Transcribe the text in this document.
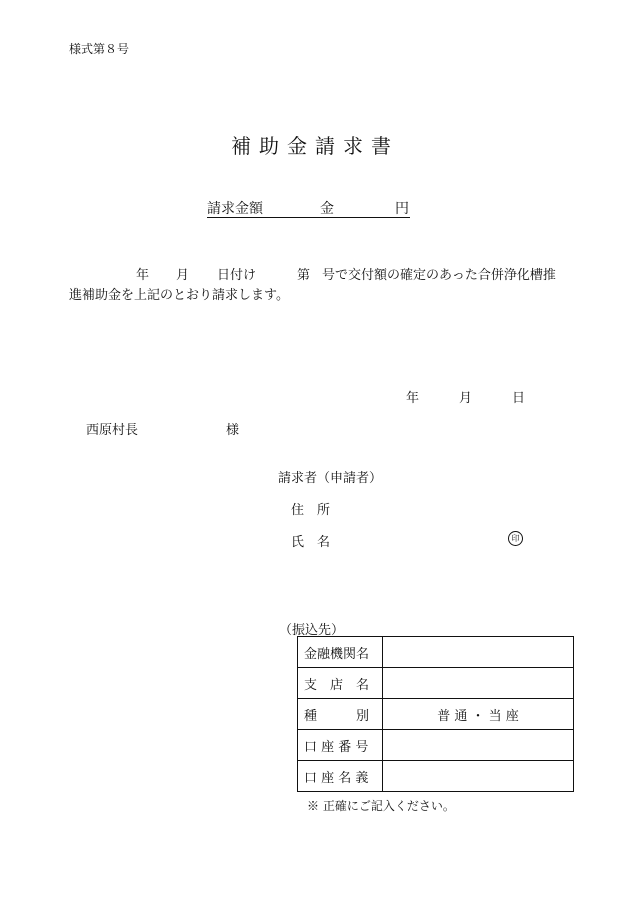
様式第８号
補助金請求書
請求金額	金	円
年 月 日付け	第 号で交付額の確定のあった合併浄化槽推
進補助金を上記のとおり請求します。
年	月	日
西原村長	様
請求者（申請者）
住　所
氏　名	印
（振込先）
金融機関名	
支　店　名	
種　　　別	普 通 ・ 当 座
口 座 番 号	
口 座 名 義	
※ 正確にご記入ください。
